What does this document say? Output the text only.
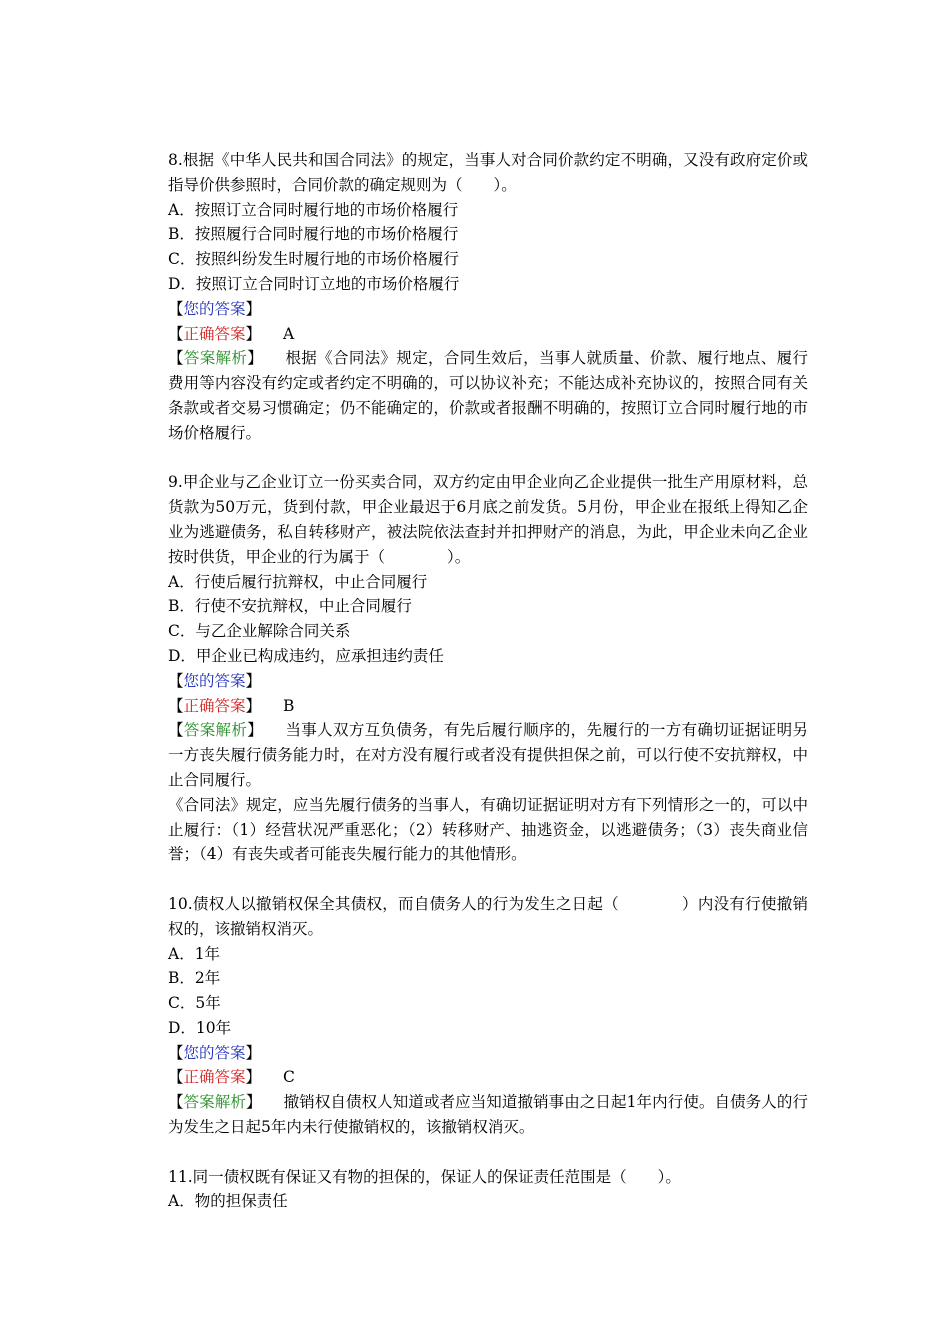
8.根据《中华人民共和国合同法》的规定，当事人对合同价款约定不明确，又没有政府定价或指导价供参照时，合同价款的确定规则为（　　）。
A．按照订立合同时履行地的市场价格履行
B．按照履行合同时履行地的市场价格履行
C．按照纠纷发生时履行地的市场价格履行
D．按照订立合同时订立地的市场价格履行
【您的答案】
【正确答案】 A
【答案解析】 根据《合同法》规定，合同生效后，当事人就质量、价款、履行地点、履行费用等内容没有约定或者约定不明确的，可以协议补充；不能达成补充协议的，按照合同有关条款或者交易习惯确定；仍不能确定的，价款或者报酬不明确的，按照订立合同时履行地的市场价格履行。
9.甲企业与乙企业订立一份买卖合同，双方约定由甲企业向乙企业提供一批生产用原材料，总货款为50万元，货到付款，甲企业最迟于6月底之前发货。5月份，甲企业在报纸上得知乙企业为逃避债务，私自转移财产，被法院依法查封并扣押财产的消息，为此，甲企业未向乙企业按时供货，甲企业的行为属于（　　　　）。
A．行使后履行抗辩权，中止合同履行
B．行使不安抗辩权，中止合同履行
C．与乙企业解除合同关系
D．甲企业已构成违约，应承担违约责任
【您的答案】
【正确答案】 B
【答案解析】 当事人双方互负债务，有先后履行顺序的，先履行的一方有确切证据证明另一方丧失履行债务能力时，在对方没有履行或者没有提供担保之前，可以行使不安抗辩权，中止合同履行。
《合同法》规定，应当先履行债务的当事人，有确切证据证明对方有下列情形之一的，可以中止履行：（1）经营状况严重恶化；（2）转移财产、抽逃资金，以逃避债务；（3）丧失商业信誉；（4）有丧失或者可能丧失履行能力的其他情形。
10.债权人以撤销权保全其债权，而自债务人的行为发生之日起（　　　　）内没有行使撤销权的，该撤销权消灭。
A．1年
B．2年
C．5年
D．10年
【您的答案】
【正确答案】 C
【答案解析】 撤销权自债权人知道或者应当知道撤销事由之日起1年内行使。自债务人的行为发生之日起5年内未行使撤销权的，该撤销权消灭。
11.同一债权既有保证又有物的担保的，保证人的保证责任范围是（　　）。
A．物的担保责任
